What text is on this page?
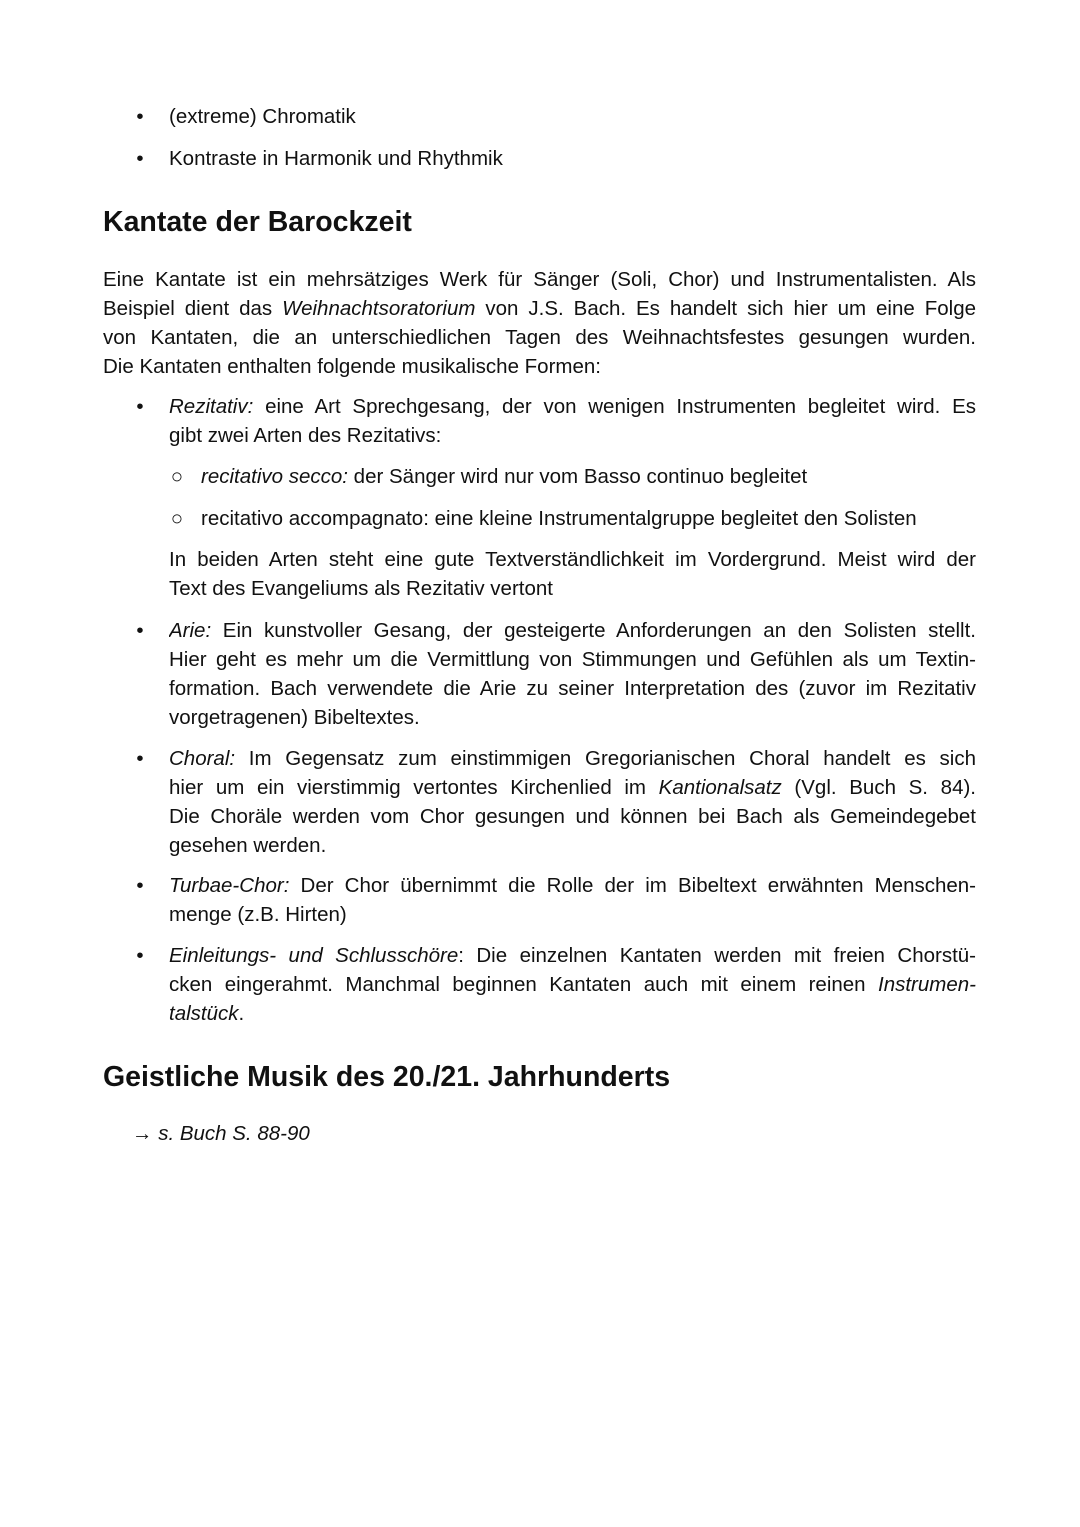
•	(extreme) Chromatik
•	Kontraste in Harmonik und Rhythmik
Kantate der Barockzeit
Eine Kantate ist ein mehrsätziges Werk für Sänger (Soli, Chor) und Instrumentalisten. Als
Beispiel dient das Weihnachtsoratorium von J.S. Bach. Es handelt sich hier um eine Folge
von Kantaten, die an unterschiedlichen Tagen des Weihnachtsfestes gesungen wurden.
Die Kantaten enthalten folgende musikalische Formen:
•	Rezitativ: eine Art Sprechgesang, der von wenigen Instrumenten begleitet wird. Es
gibt zwei Arten des Rezitativs:
○ recitativo secco: der Sänger wird nur vom Basso continuo begleitet
○ recitativo accompagnato: eine kleine Instrumentalgruppe begleitet den Solisten
In beiden Arten steht eine gute Textverständlichkeit im Vordergrund. Meist wird der
Text des Evangeliums als Rezitativ vertont
•	Arie: Ein kunstvoller Gesang, der gesteigerte Anforderungen an den Solisten stellt.
Hier geht es mehr um die Vermittlung von Stimmungen und Gefühlen als um Textin-
formation. Bach verwendete die Arie zu seiner Interpretation des (zuvor im Rezitativ
vorgetragenen) Bibeltextes.
•	Choral: Im Gegensatz zum einstimmigen Gregorianischen Choral handelt es sich
hier um ein vierstimmig vertontes Kirchenlied im Kantionalsatz (Vgl. Buch S. 84).
Die Choräle werden vom Chor gesungen und können bei Bach als Gemeindegebet
gesehen werden.
•	Turbae-Chor: Der Chor übernimmt die Rolle der im Bibeltext erwähnten Menschen-
menge (z.B. Hirten)
•	Einleitungs- und Schlusschöre: Die einzelnen Kantaten werden mit freien Chorstü-
cken eingerahmt. Manchmal beginnen Kantaten auch mit einem reinen Instrumen-
talstück.
Geistliche Musik des 20./21. Jahrhunderts
→ s. Buch S. 88-90
